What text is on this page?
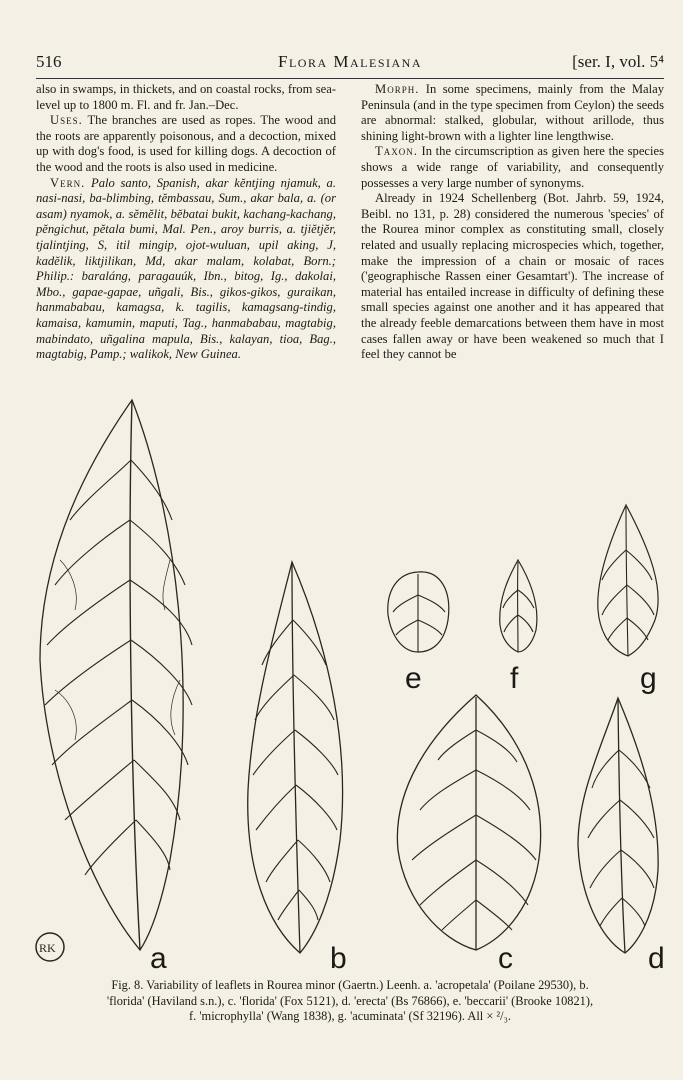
516	Flora Malesiana	[ser. I, vol. 5⁴

also in swamps, in thickets, and on coastal rocks, from sea-level up to 1800 m. Fl. and fr. Jan.–Dec.

Uses. The branches are used as ropes. The wood and the roots are apparently poisonous, and a decoction, mixed up with dog's food, is used for killing dogs. A decoction of the wood and the roots is also used in medicine.

Vern. Palo santo, Spanish, akar kĕntjing njamuk, a. nasi-nasi, ba-blimbing, tĕmbassau, Sum., akar bala, a. (or asam) nyamok, a. sĕmĕlit, bĕbatai bukit, kachang-kachang, pĕngichut, pĕtala bumi, Mal. Pen., aroy burris, a. tjiĕtjĕr, tjalintjing, S, itil mingip, ojot-wuluan, upil aking, J, kadĕlik, liktjilikan, Md, akar malam, kolabat, Born.; Philip.: baraláng, paragauúk, Ibn., bitog, Ig., dakolai, Mbo., gapae-gapae, uñgali, Bis., gikos-gikos, guraikan, hanmababau, kamagsa, k. tagilis, kamagsang-tindig, kamaisa, kamumin, maputi, Tag., hanmababau, magtabig, mabindato, uñgalina mapula, Bis., kalayan, tioa, Bag., magtabig, Pamp.; walikok, New Guinea.

Morph. In some specimens, mainly from the Malay Peninsula (and in the type specimen from Ceylon) the seeds are abnormal: stalked, globular, without arillode, thus shining light-brown with a lighter line lengthwise.

Taxon. In the circumscription as given here the species shows a wide range of variability, and consequently possesses a very large number of synonyms.

Already in 1924 Schellenberg (Bot. Jahrb. 59, 1924, Beibl. no 131, p. 28) considered the numerous 'species' of the Rourea minor complex as constituting small, closely related and usually replacing microspecies which, together, make the impression of a chain or mosaic of races ('geographische Rassen einer Gesamtart'). The increase of material has entailed increase in difficulty of defining these small species against one another and it has appeared that the already feeble demarcations between them have in most cases fallen away or have been weakened so much that I feel they cannot be

a	b	c	d
e	f	g
RK

Fig. 8. Variability of leaflets in Rourea minor (Gaertn.) Leenh. a. 'acropetala' (Poilane 29530), b.

'florida' (Haviland s.n.), c. 'florida' (Fox 5121), d. 'erecta' (Bs 76866), e. 'beccarii' (Brooke 10821),

f. 'microphylla' (Wang 1838), g. 'acuminata' (Sf 32196). All × ²/₃.
